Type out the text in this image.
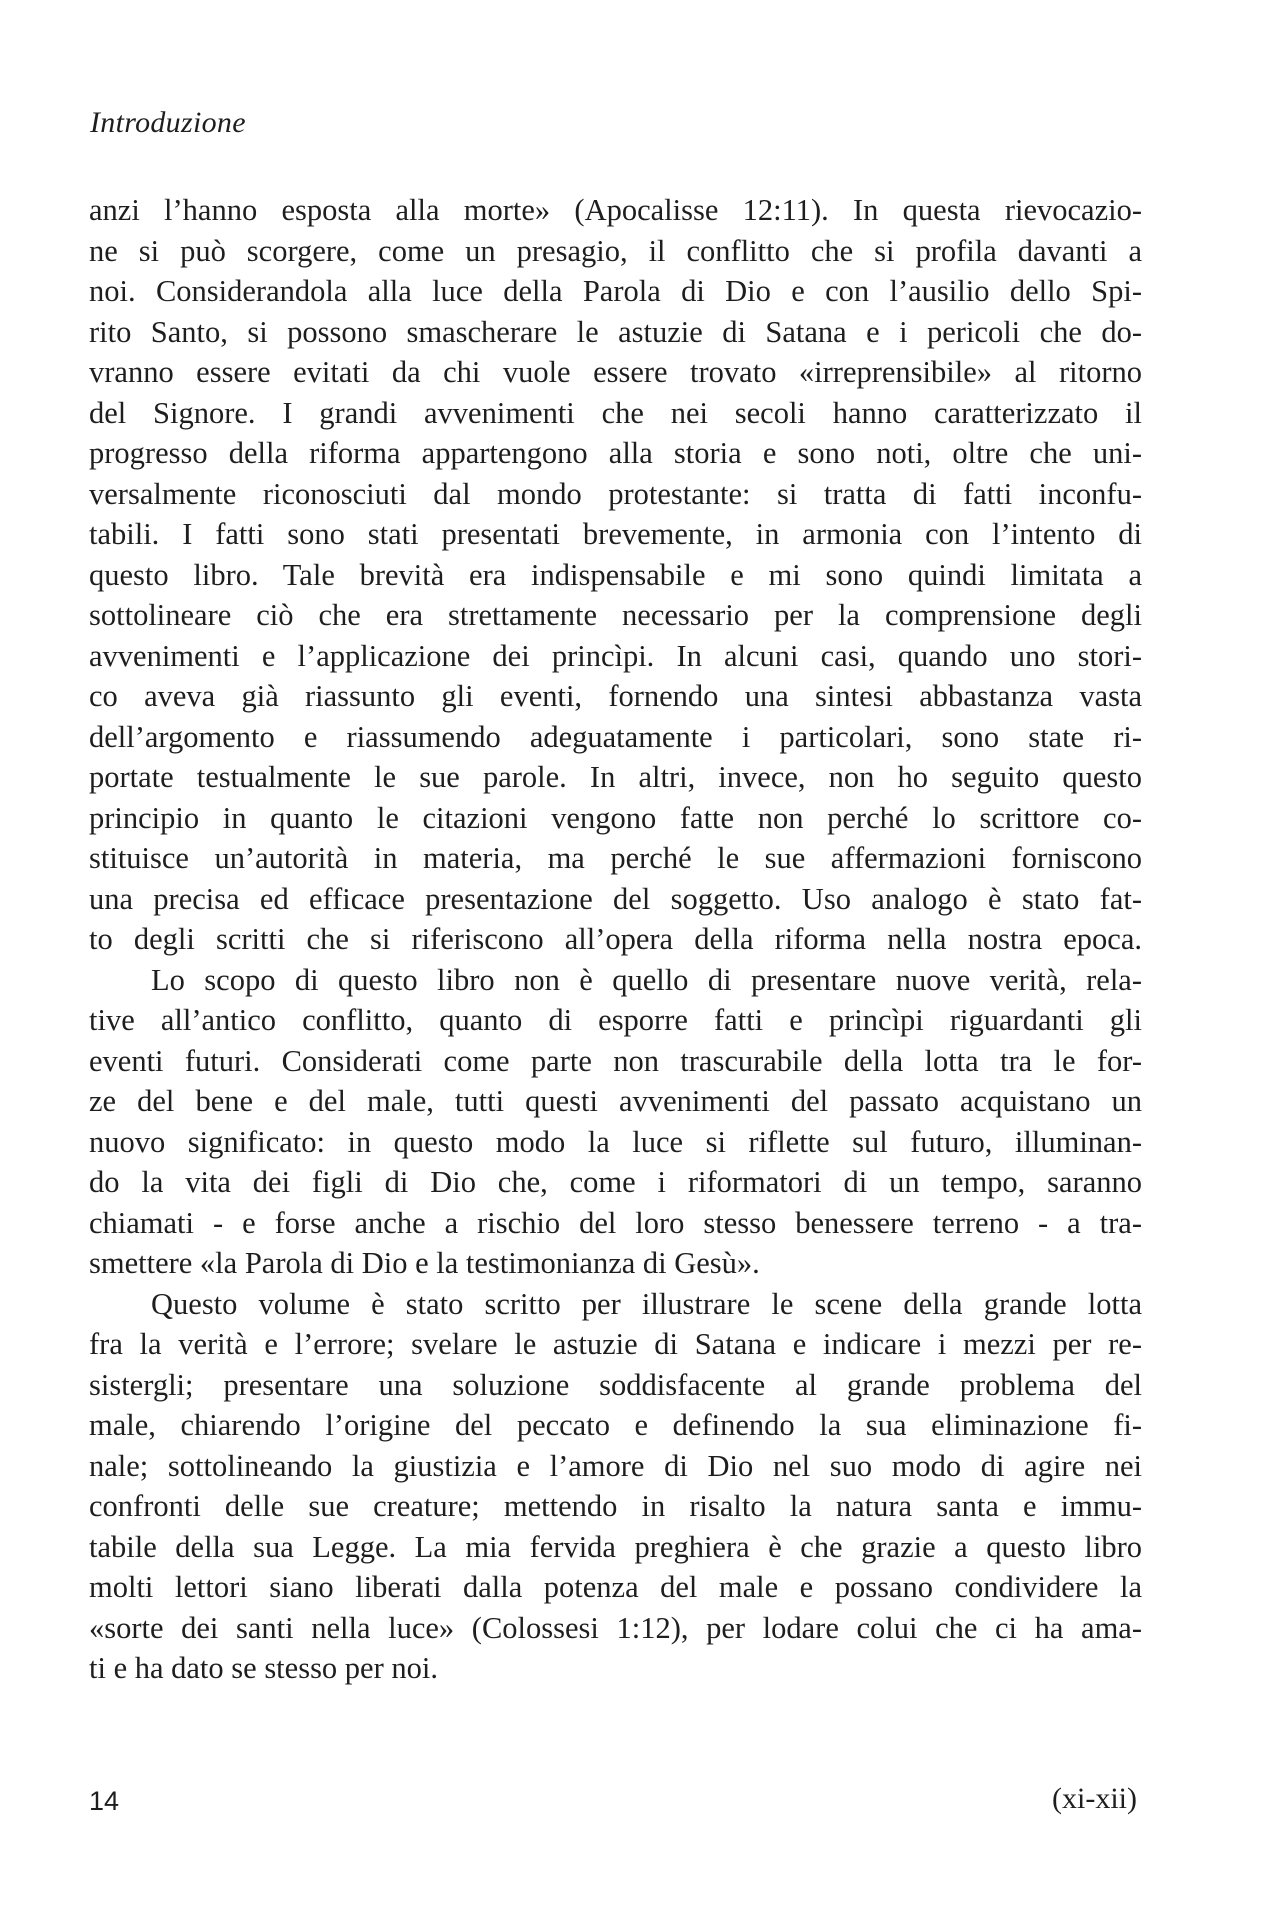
Introduzione
anzi l’hanno esposta alla morte» (Apocalisse 12:11). In questa rievocazio-
ne si può scorgere, come un presagio, il conflitto che si profila davanti a
noi. Considerandola alla luce della Parola di Dio e con l’ausilio dello Spi-
rito Santo, si possono smascherare le astuzie di Satana e i pericoli che do-
vranno essere evitati da chi vuole essere trovato «irreprensibile» al ritorno
del Signore. I grandi avvenimenti che nei secoli hanno caratterizzato il
progresso della riforma appartengono alla storia e sono noti, oltre che uni-
versalmente riconosciuti dal mondo protestante: si tratta di fatti inconfu-
tabili. I fatti sono stati presentati brevemente, in armonia con l’intento di
questo libro. Tale brevità era indispensabile e mi sono quindi limitata a
sottolineare ciò che era strettamente necessario per la comprensione degli
avvenimenti e l’applicazione dei princìpi. In alcuni casi, quando uno stori-
co aveva già riassunto gli eventi, fornendo una sintesi abbastanza vasta
dell’argomento e riassumendo adeguatamente i particolari, sono state ri-
portate testualmente le sue parole. In altri, invece, non ho seguito questo
principio in quanto le citazioni vengono fatte non perché lo scrittore co-
stituisce un’autorità in materia, ma perché le sue affermazioni forniscono
una precisa ed efficace presentazione del soggetto. Uso analogo è stato fat-
to degli scritti che si riferiscono all’opera della riforma nella nostra epoca.
Lo scopo di questo libro non è quello di presentare nuove verità, rela-
tive all’antico conflitto, quanto di esporre fatti e princìpi riguardanti gli
eventi futuri. Considerati come parte non trascurabile della lotta tra le for-
ze del bene e del male, tutti questi avvenimenti del passato acquistano un
nuovo significato: in questo modo la luce si riflette sul futuro, illuminan-
do la vita dei figli di Dio che, come i riformatori di un tempo, saranno
chiamati - e forse anche a rischio del loro stesso benessere terreno - a tra-
smettere «la Parola di Dio e la testimonianza di Gesù».
Questo volume è stato scritto per illustrare le scene della grande lotta
fra la verità e l’errore; svelare le astuzie di Satana e indicare i mezzi per re-
sistergli; presentare una soluzione soddisfacente al grande problema del
male, chiarendo l’origine del peccato e definendo la sua eliminazione fi-
nale; sottolineando la giustizia e l’amore di Dio nel suo modo di agire nei
confronti delle sue creature; mettendo in risalto la natura santa e immu-
tabile della sua Legge. La mia fervida preghiera è che grazie a questo libro
molti lettori siano liberati dalla potenza del male e possano condividere la
«sorte dei santi nella luce» (Colossesi 1:12), per lodare colui che ci ha ama-
ti e ha dato se stesso per noi.
14	(xi-xii)
